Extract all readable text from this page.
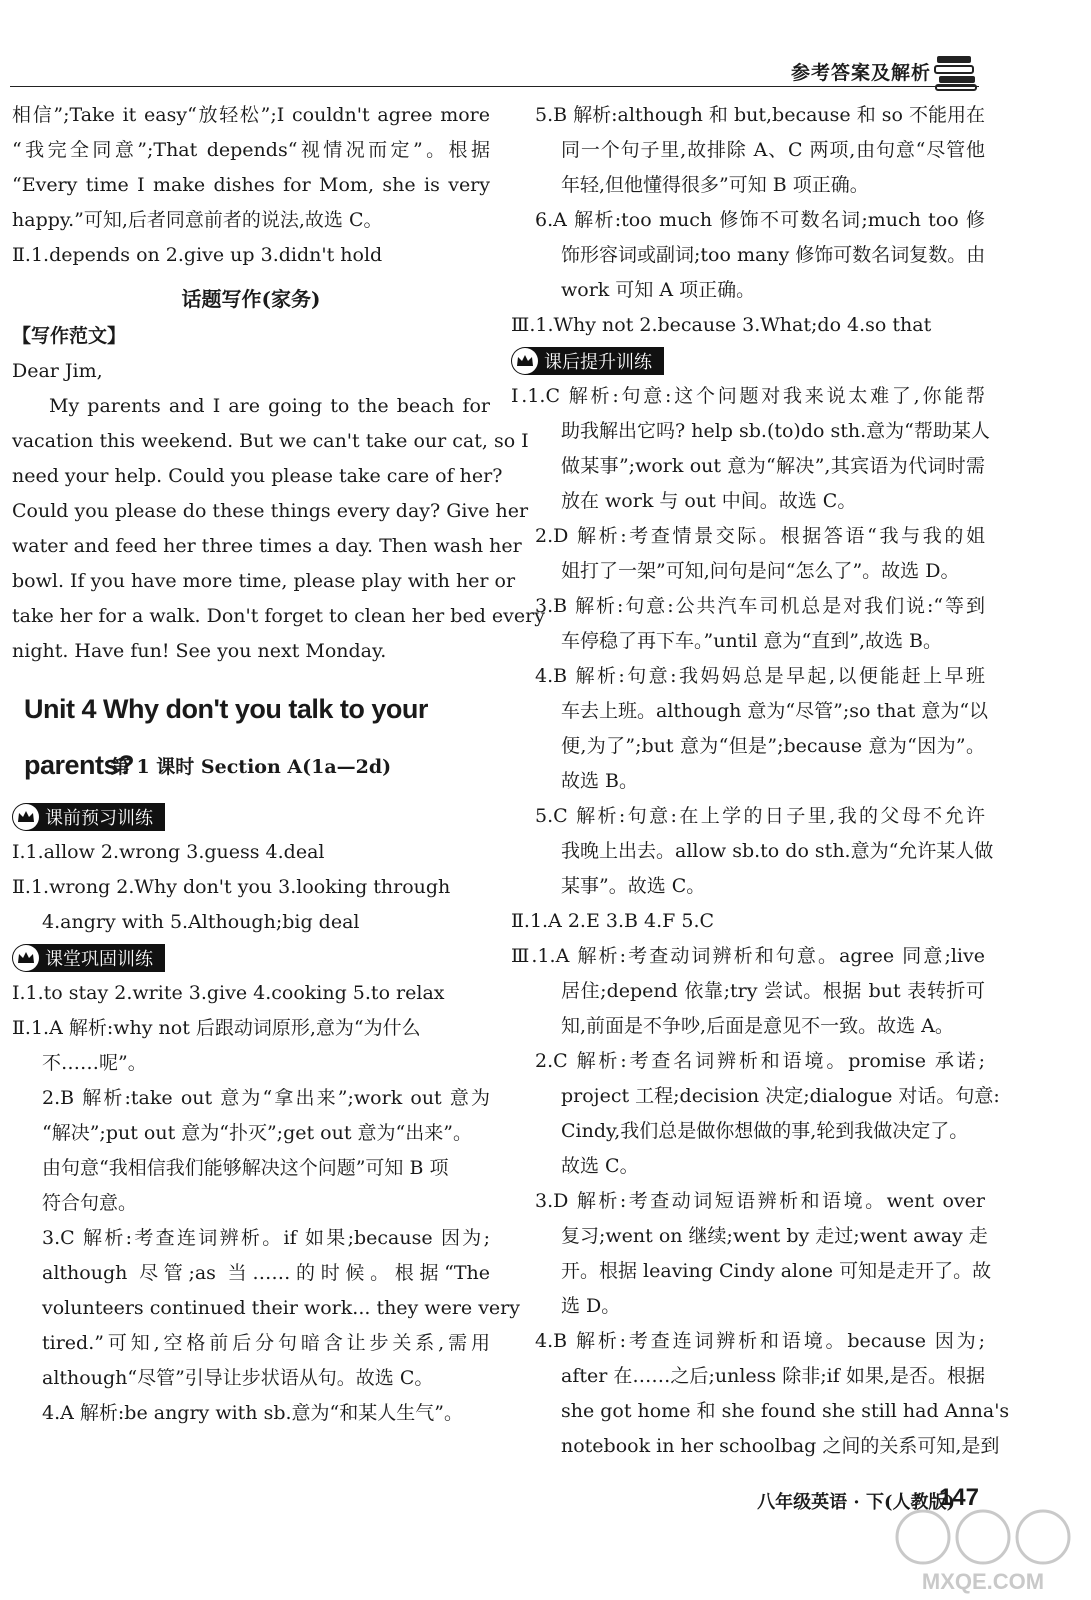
参考答案及解析
相信”;Take it easy“放轻松”;I couldn't agree more
“我完全同意”;That depends“视情况而定”。根据
“Every time I make dishes for Mom, she is very
happy.”可知,后者同意前者的说法,故选 C。
Ⅱ.1.depends on 2.give up 3.didn't hold
话题写作(家务)
【写作范文】
Dear Jim,
My parents and I are going to the beach for
vacation this weekend. But we can't take our cat, so I
need your help. Could you please take care of her?
Could you please do these things every day? Give her
water and feed her three times a day. Then wash her
bowl. If you have more time, please play with her or
take her for a walk. Don't forget to clean her bed every
night. Have fun! See you next Monday.
Unit 4 Why don't you talk to your parents?
第 1 课时 Section A(1a—2d)
课前预习训练
Ⅰ.1.allow 2.wrong 3.guess 4.deal
Ⅱ.1.wrong 2.Why don't you 3.looking through
4.angry with 5.Although;big deal
课堂巩固训练
Ⅰ.1.to stay 2.write 3.give 4.cooking 5.to relax
Ⅱ.1.A 解析:why not 后跟动词原形,意为“为什么
不……呢”。
2.B 解析:take out 意为“拿出来”;work out 意为
“解决”;put out 意为“扑灭”;get out 意为“出来”。
由句意“我相信我们能够解决这个问题”可知 B 项
符合句意。
3.C 解析:考查连词辨析。if 如果;because 因为;
although 尽管;as 当……的时候。根据“The
volunteers continued their work... they were very
tired.”可知,空格前后分句暗含让步关系,需用
although“尽管”引导让步状语从句。故选 C。
4.A 解析:be angry with sb.意为“和某人生气”。
5.B 解析:although 和 but,because 和 so 不能用在
同一个句子里,故排除 A、C 两项,由句意“尽管他
年轻,但他懂得很多”可知 B 项正确。
6.A 解析:too much 修饰不可数名词;much too 修
饰形容词或副词;too many 修饰可数名词复数。由
work 可知 A 项正确。
Ⅲ.1.Why not 2.because 3.What;do 4.so that
课后提升训练
Ⅰ.1.C 解析:句意:这个问题对我来说太难了,你能帮
助我解出它吗? help sb.(to)do sth.意为“帮助某人
做某事”;work out 意为“解决”,其宾语为代词时需
放在 work 与 out 中间。故选 C。
2.D 解析:考查情景交际。根据答语“我与我的姐
姐打了一架”可知,问句是问“怎么了”。故选 D。
3.B 解析:句意:公共汽车司机总是对我们说:“等到
车停稳了再下车。”until 意为“直到”,故选 B。
4.B 解析:句意:我妈妈总是早起,以便能赶上早班
车去上班。although 意为“尽管”;so that 意为“以
便,为了”;but 意为“但是”;because 意为“因为”。
故选 B。
5.C 解析:句意:在上学的日子里,我的父母不允许
我晚上出去。allow sb.to do sth.意为“允许某人做
某事”。故选 C。
Ⅱ.1.A 2.E 3.B 4.F 5.C
Ⅲ.1.A 解析:考查动词辨析和句意。agree 同意;live
居住;depend 依靠;try 尝试。根据 but 表转折可
知,前面是不争吵,后面是意见不一致。故选 A。
2.C 解析:考查名词辨析和语境。promise 承诺;
project 工程;decision 决定;dialogue 对话。句意:
Cindy,我们总是做你想做的事,轮到我做决定了。
故选 C。
3.D 解析:考查动词短语辨析和语境。went over
复习;went on 继续;went by 走过;went away 走
开。根据 leaving Cindy alone 可知是走开了。故
选 D。
4.B 解析:考查连词辨析和语境。because 因为;
after 在……之后;unless 除非;if 如果,是否。根据
she got home 和 she found she still had Anna's
notebook in her schoolbag 之间的关系可知,是到
八年级英语 · 下(人教版)
147
MXQE.COM
